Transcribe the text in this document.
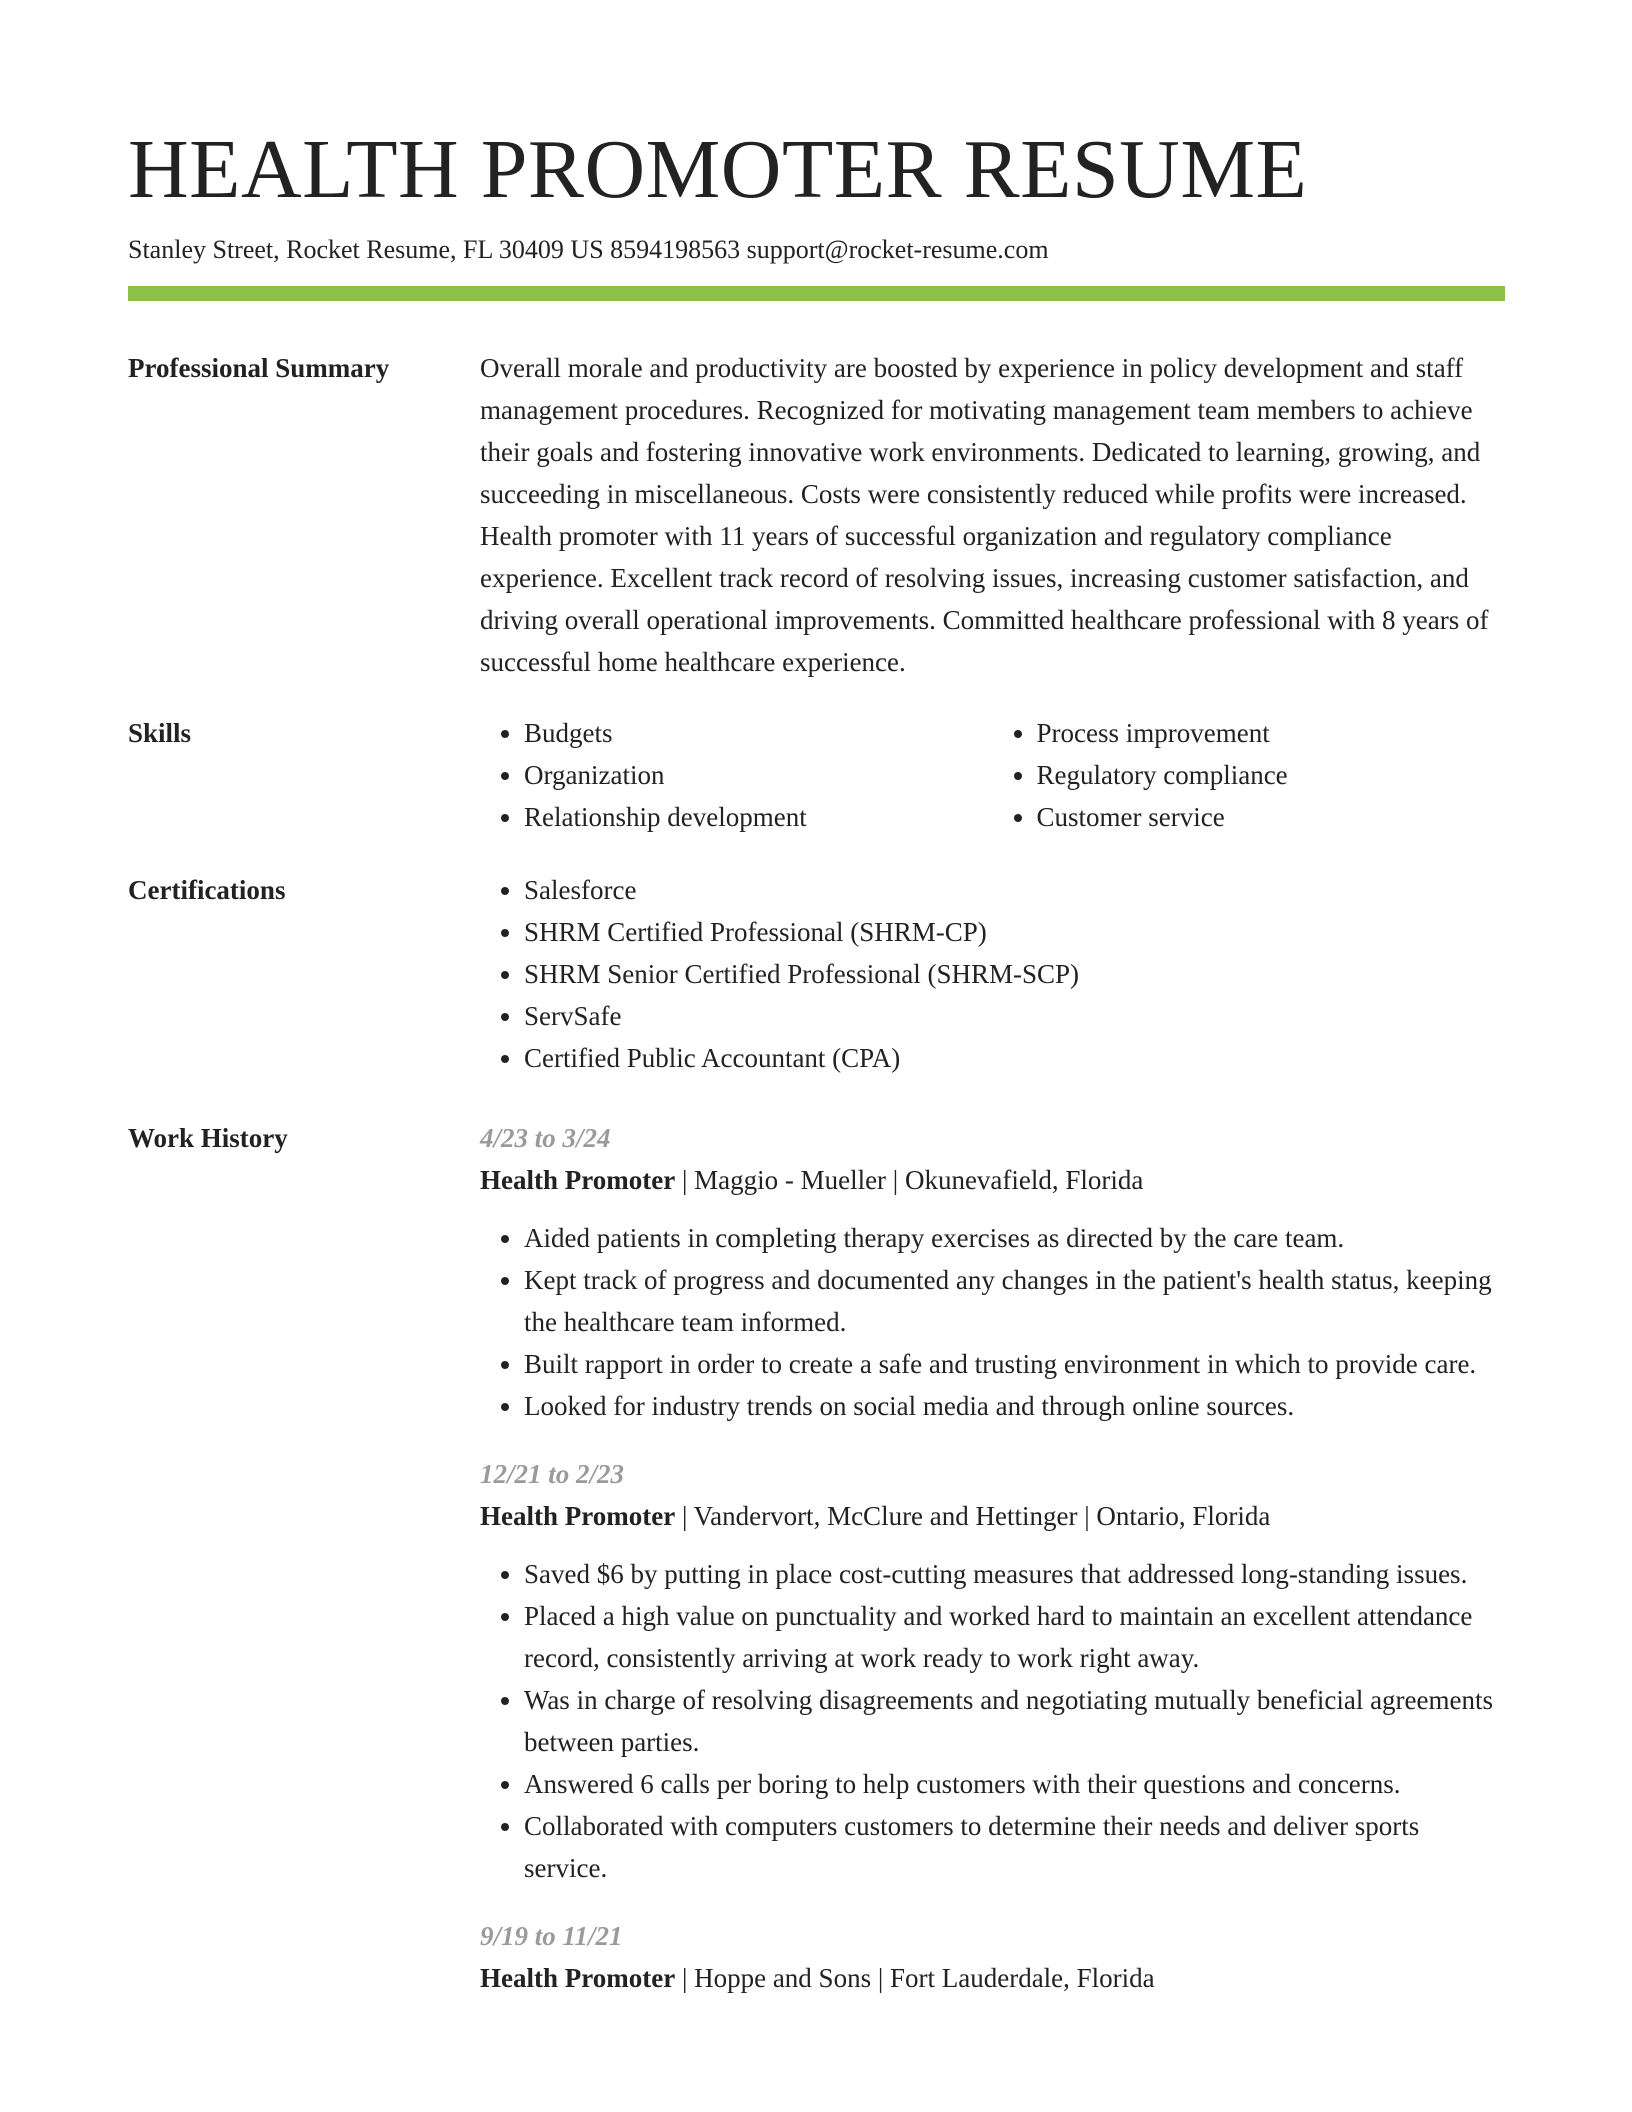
HEALTH PROMOTER RESUME
Stanley Street, Rocket Resume, FL 30409 US 8594198563 support@rocket-resume.com
Professional Summary	Overall morale and productivity are boosted by experience in policy development and staff management procedures. Recognized for motivating management team members to achieve their goals and fostering innovative work environments. Dedicated to learning, growing, and succeeding in miscellaneous. Costs were consistently reduced while profits were increased. Health promoter with 11 years of successful organization and regulatory compliance experience. Excellent track record of resolving issues, increasing customer satisfaction, and driving overall operational improvements. Committed healthcare professional with 8 years of successful home healthcare experience.

Skills	• Budgets
• Organization
• Relationship development
• Process improvement
• Regulatory compliance
• Customer service
Certifications	• Salesforce
• SHRM Certified Professional (SHRM-CP)
• SHRM Senior Certified Professional (SHRM-SCP)
• ServSafe
• Certified Public Accountant (CPA)
Work History	4/23 to 3/24
Health Promoter | Maggio - Mueller | Okunevafield, Florida
• Aided patients in completing therapy exercises as directed by the care team.
• Kept track of progress and documented any changes in the patient's health status, keeping the healthcare team informed.
• Built rapport in order to create a safe and trusting environment in which to provide care.
• Looked for industry trends on social media and through online sources.
12/21 to 2/23
Health Promoter | Vandervort, McClure and Hettinger | Ontario, Florida
• Saved $6 by putting in place cost-cutting measures that addressed long-standing issues.
• Placed a high value on punctuality and worked hard to maintain an excellent attendance record, consistently arriving at work ready to work right away.
• Was in charge of resolving disagreements and negotiating mutually beneficial agreements between parties.
• Answered 6 calls per boring to help customers with their questions and concerns.
• Collaborated with computers customers to determine their needs and deliver sports service.
9/19 to 11/21
Health Promoter | Hoppe and Sons | Fort Lauderdale, Florida
